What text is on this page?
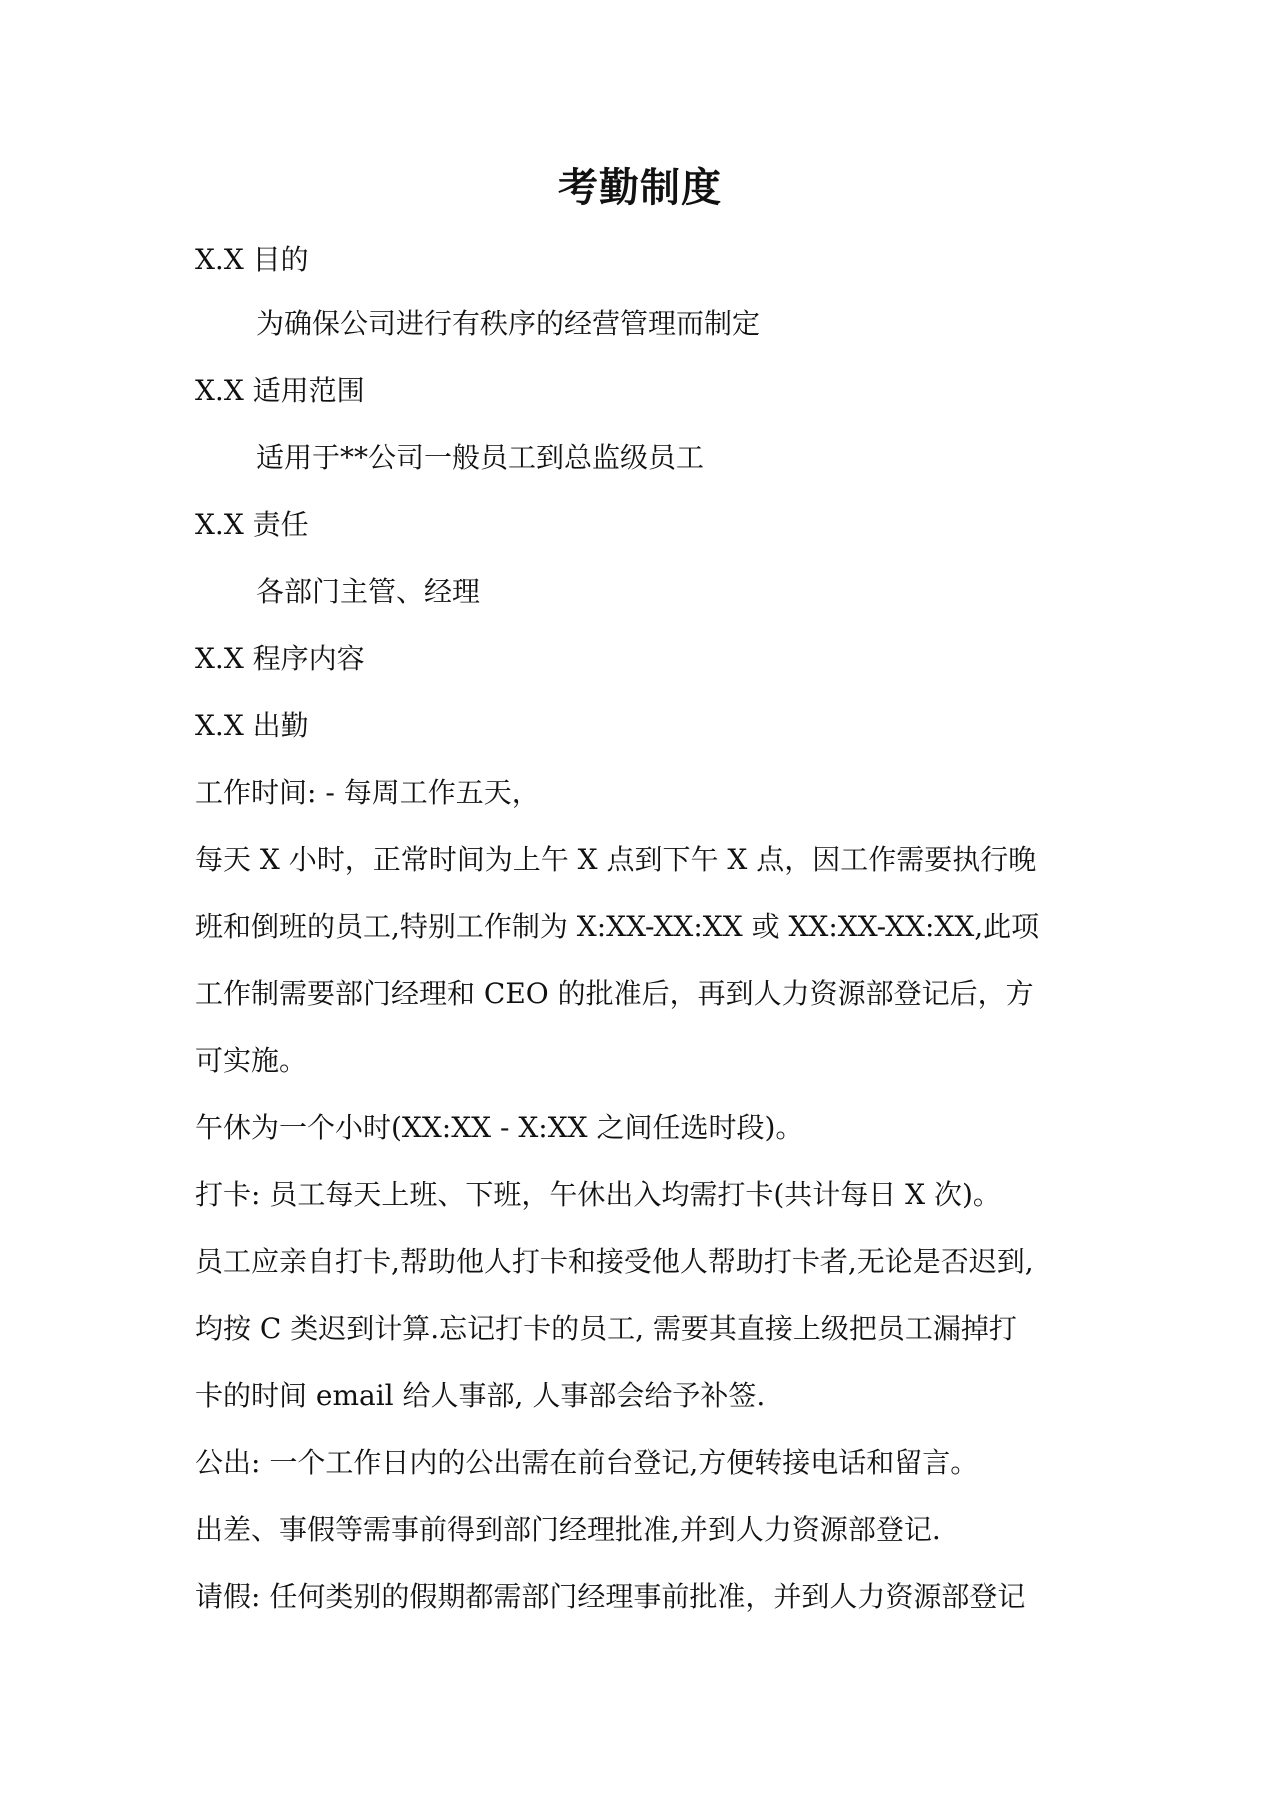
考勤制度
X.X 目的
为确保公司进行有秩序的经营管理而制定
X.X 适用范围
适用于**公司一般员工到总监级员工
X.X 责任
各部门主管、经理
X.X 程序内容
X.X 出勤
工作时间: - 每周工作五天，
每天 X 小时，正常时间为上午 X 点到下午 X 点，因工作需要执行晚
班和倒班的员工,特别工作制为 X:XX-XX:XX 或 XX:XX-XX:XX,此项
工作制需要部门经理和 CEO 的批准后，再到人力资源部登记后，方
可实施。
午休为一个小时(XX:XX - X:XX 之间任选时段)。
打卡: 员工每天上班、下班，午休出入均需打卡(共计每日 X 次)。
员工应亲自打卡,帮助他人打卡和接受他人帮助打卡者,无论是否迟到,
均按 C 类迟到计算.忘记打卡的员工, 需要其直接上级把员工漏掉打
卡的时间 email 给人事部, 人事部会给予补签.
公出: 一个工作日内的公出需在前台登记,方便转接电话和留言。
出差、事假等需事前得到部门经理批准,并到人力资源部登记.
请假: 任何类别的假期都需部门经理事前批准，并到人力资源部登记
